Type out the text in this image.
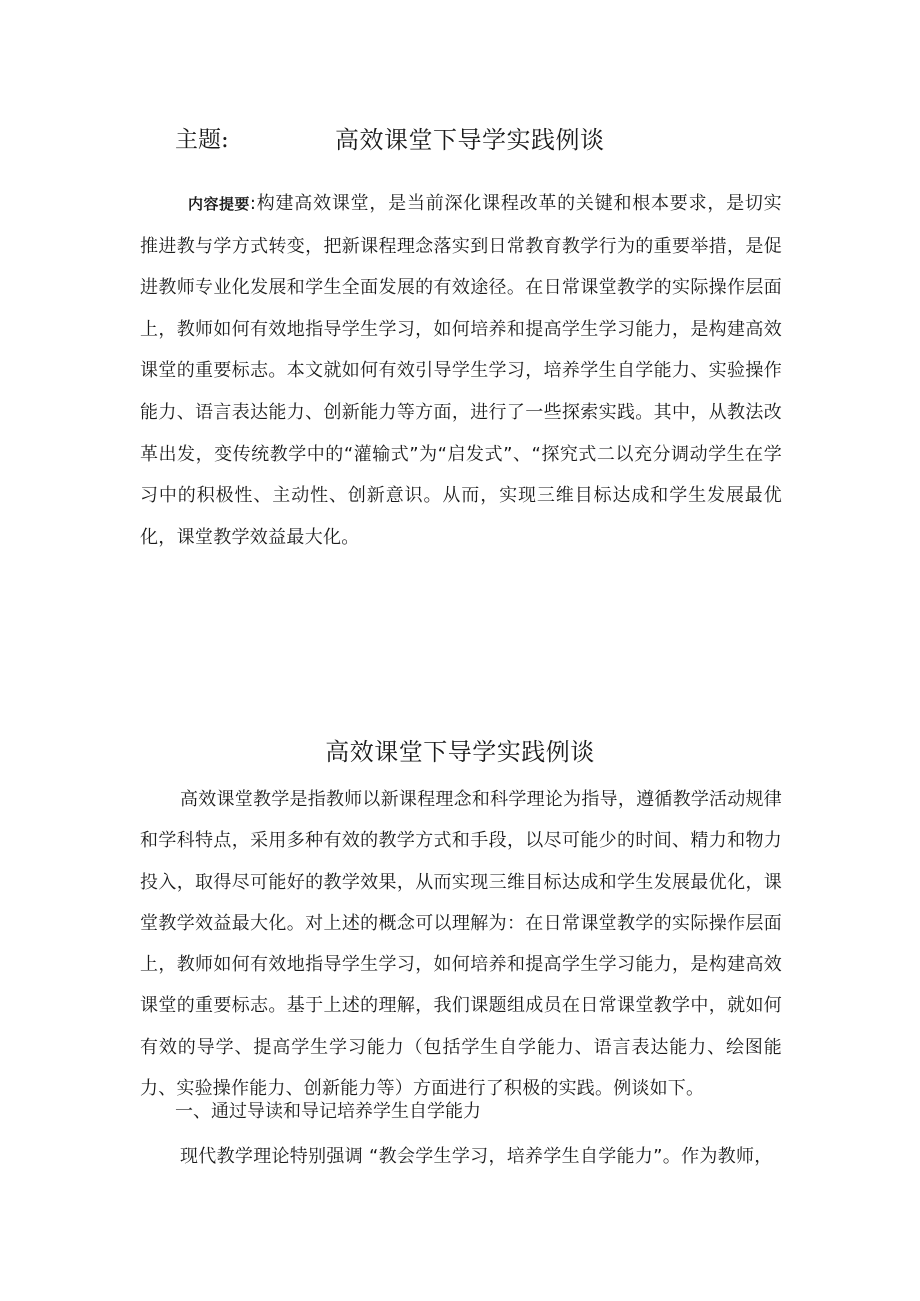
主题:	高效课堂下导学实践例谈
内容提要:构建高效课堂，是当前深化课程改革的关键和根本要求，是切实推进教与学方式转变，把新课程理念落实到日常教育教学行为的重要举措，是促进教师专业化发展和学生全面发展的有效途径。在日常课堂教学的实际操作层面上，教师如何有效地指导学生学习，如何培养和提高学生学习能力，是构建高效课堂的重要标志。本文就如何有效引导学生学习，培养学生自学能力、实验操作能力、语言表达能力、创新能力等方面，进行了一些探索实践。其中，从教法改革出发，变传统教学中的“灌输式”为“启发式”、“探究式二以充分调动学生在学习中的积极性、主动性、创新意识。从而，实现三维目标达成和学生发展最优化，课堂教学效益最大化。
高效课堂下导学实践例谈
高效课堂教学是指教师以新课程理念和科学理论为指导，遵循教学活动规律和学科特点，采用多种有效的教学方式和手段，以尽可能少的时间、精力和物力投入，取得尽可能好的教学效果，从而实现三维目标达成和学生发展最优化，课堂教学效益最大化。对上述的概念可以理解为：在日常课堂教学的实际操作层面上，教师如何有效地指导学生学习，如何培养和提高学生学习能力，是构建高效课堂的重要标志。基于上述的理解，我们课题组成员在日常课堂教学中，就如何有效的导学、提高学生学习能力（包括学生自学能力、语言表达能力、绘图能力、实验操作能力、创新能力等）方面进行了积极的实践。例谈如下。
一、通过导读和导记培养学生自学能力
现代教学理论特别强调 “教会学生学习，培养学生自学能力”。作为教师，
